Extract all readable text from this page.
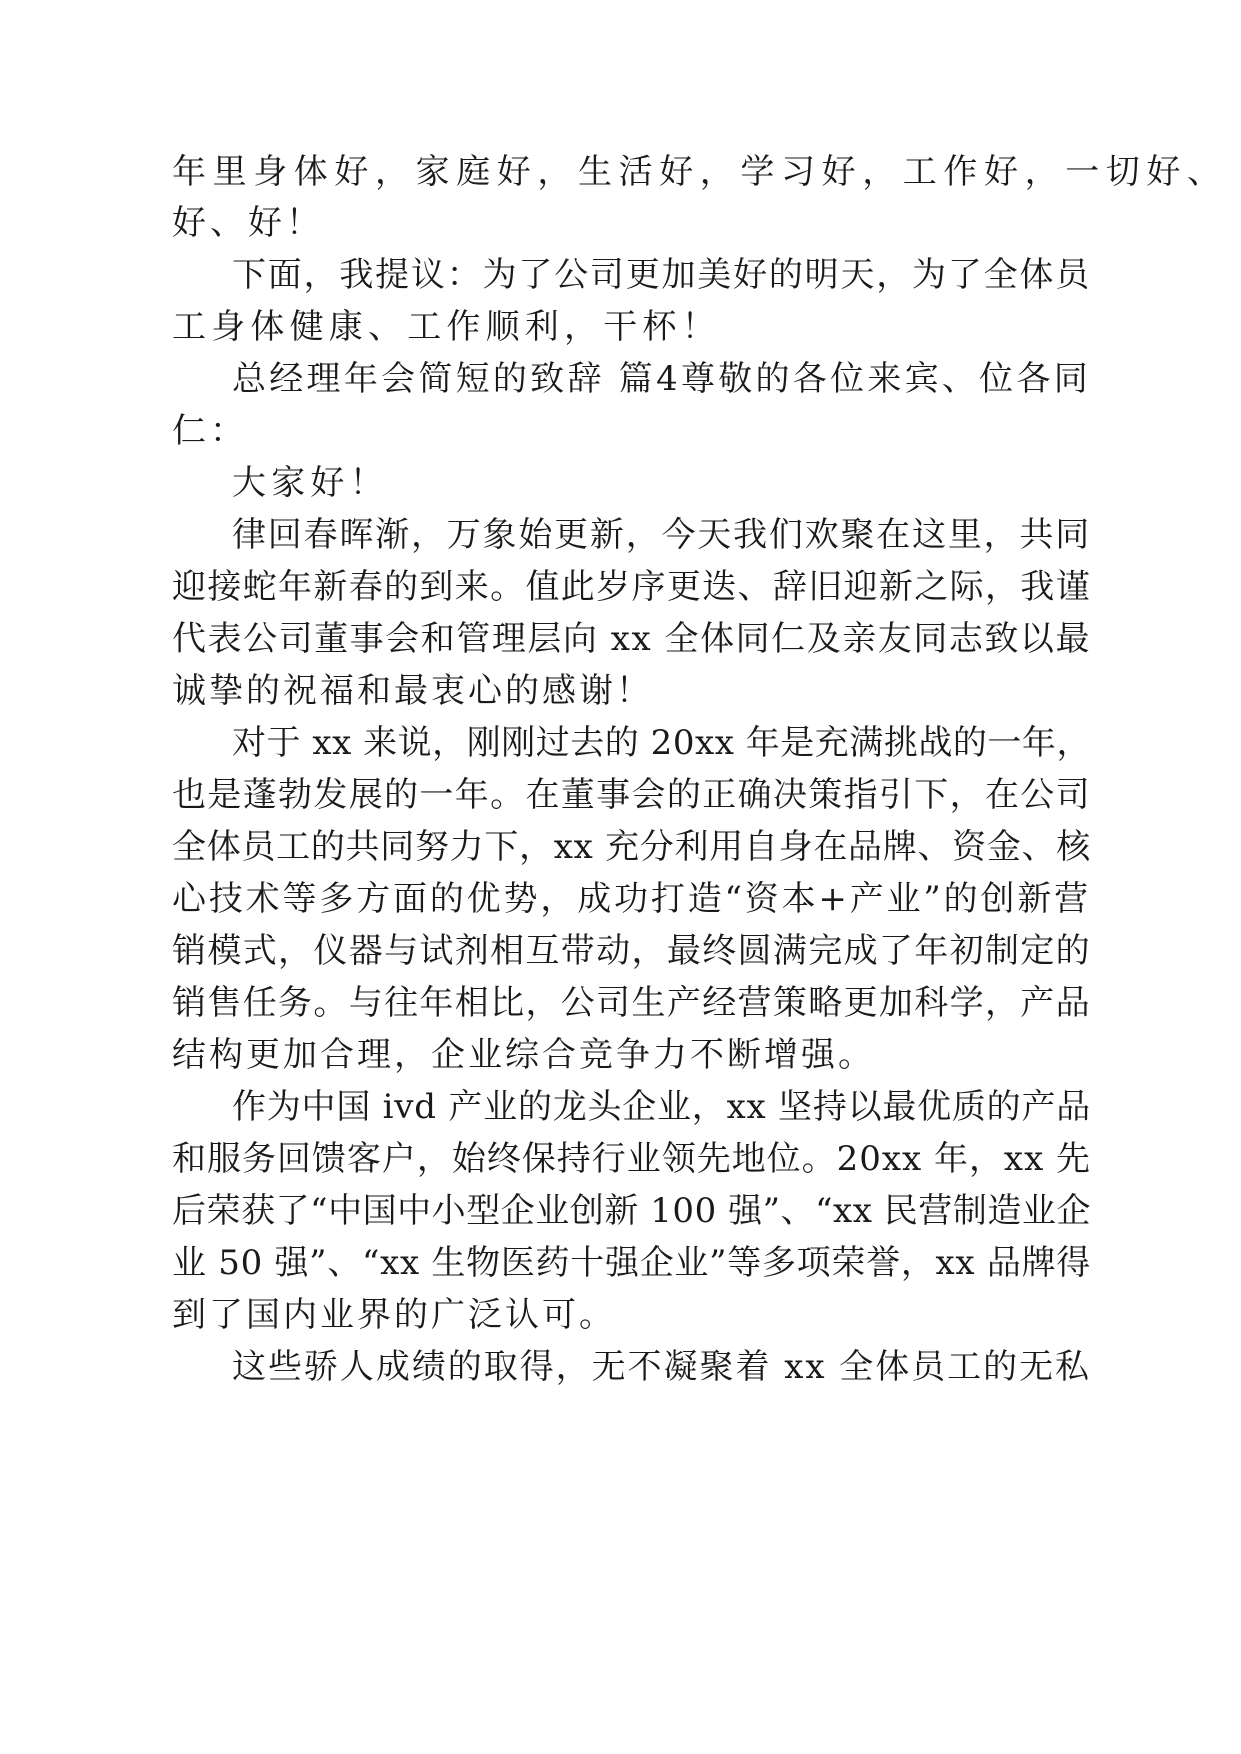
年里身体好，家庭好，生活好，学习好，工作好，一切好、
好、好！
下面，我提议：为了公司更加美好的明天，为了全体员
工身体健康、工作顺利，干杯！
总经理年会简短的致辞 篇4尊敬的各位来宾、位各同
仁：
大家好！
律回春晖渐，万象始更新，今天我们欢聚在这里，共同
迎接蛇年新春的到来。值此岁序更迭、辞旧迎新之际，我谨
代表公司董事会和管理层向 xx 全体同仁及亲友同志致以最
诚挚的祝福和最衷心的感谢！
对于 xx 来说，刚刚过去的 20xx 年是充满挑战的一年，
也是蓬勃发展的一年。在董事会的正确决策指引下，在公司
全体员工的共同努力下，xx 充分利用自身在品牌、资金、核
心技术等多方面的优势，成功打造“资本+产业”的创新营
销模式，仪器与试剂相互带动，最终圆满完成了年初制定的
销售任务。与往年相比，公司生产经营策略更加科学，产品
结构更加合理，企业综合竞争力不断增强。
作为中国 ivd 产业的龙头企业，xx 坚持以最优质的产品
和服务回馈客户，始终保持行业领先地位。20xx 年，xx 先
后荣获了“中国中小型企业创新 100 强”、“xx 民营制造业企
业 50 强”、“xx 生物医药十强企业”等多项荣誉，xx 品牌得
到了国内业界的广泛认可。
这些骄人成绩的取得，无不凝聚着 xx 全体员工的无私
